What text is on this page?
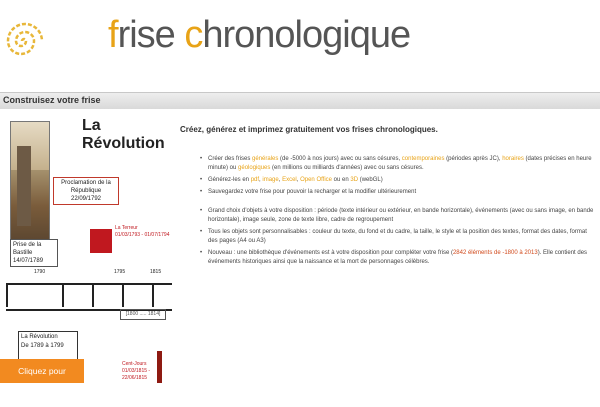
frise chronologique
Construisez votre frise
La Révolution
Proclamation de la République
22/09/1792
La Terreur
01/03/1793 - 01/07/1794
Prise de la Bastille
14/07/1789
1790	1795	1815
[1800 ..... 1814]
La Révolution
De 1789 à 1799
Cent-Jours
01/03/1815 - 22/06/1815
Cliquez pour commencer >
Créez, générez et imprimez gratuitement vos frises chronologiques.
• Créer des frises générales (de -5000 à nos jours) avec ou sans césures, contemporaines (périodes après JC), horaires (dates précises en heure minute) ou géologiques (en millions ou milliards d'années) avec ou sans césures.
• Générez-les en pdf, image, Excel, Open Office ou en 3D (webGL)
• Sauvegardez votre frise pour pouvoir la recharger et la modifier ultérieurement
• Grand choix d'objets à votre disposition : période (texte intérieur ou extérieur, en bande horizontale), événements (avec ou sans image, en bande horizontale), image seule, zone de texte libre, cadre de regroupement
• Tous les objets sont personnalisables : couleur du texte, du fond et du cadre, la taille, le style et la position des textes, format des dates, format des pages (A4 ou A3)
• Nouveau : une bibliothèque d'événements est à votre disposition pour compléter votre frise (2842 éléments de -1800 à 2013). Elle contient des événements historiques ainsi que la naissance et la mort de personnages célèbres.
